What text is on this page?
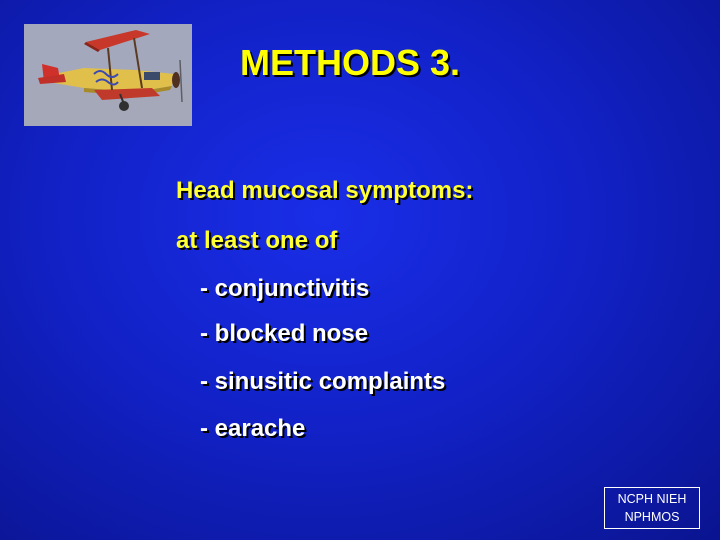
METHODS 3.
Head mucosal symptoms:
at least one of
- conjunctivitis
- blocked nose
- sinusitic complaints
- earache
NCPH NIEH
NPHMOS
